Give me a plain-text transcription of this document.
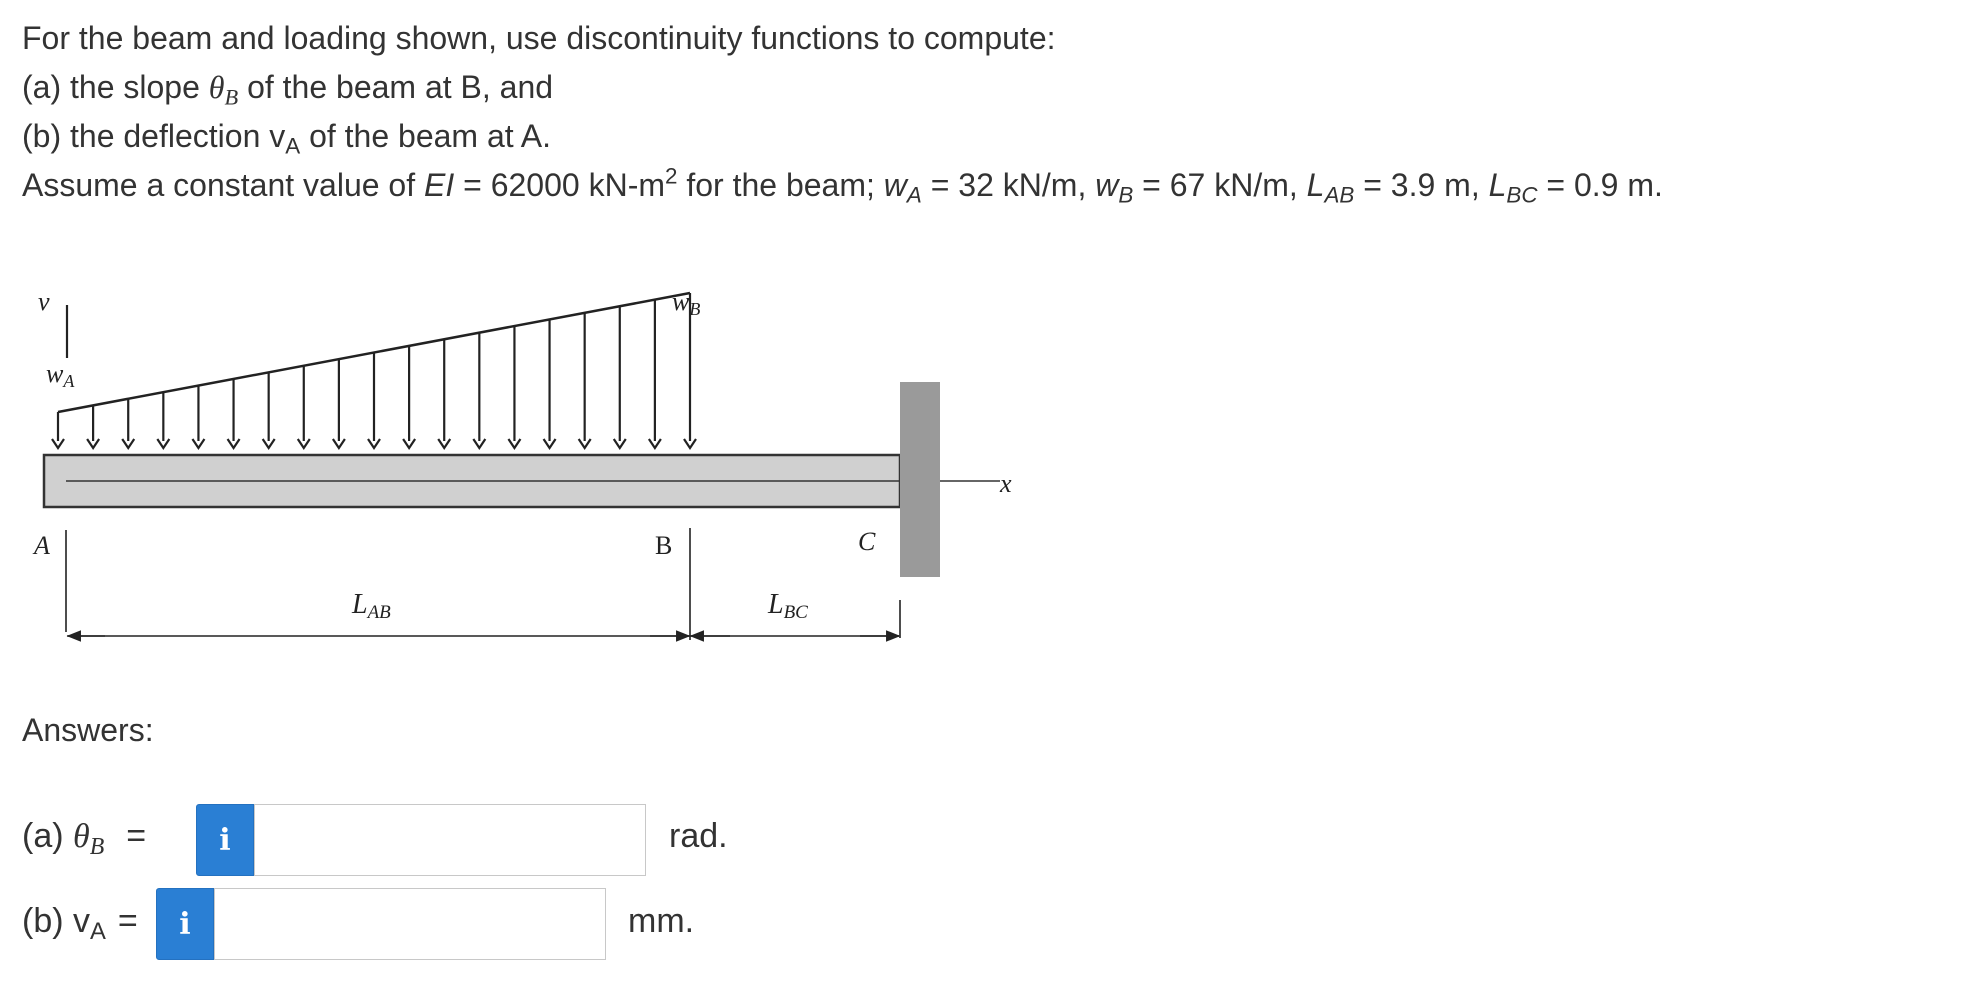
For the beam and loading shown, use discontinuity functions to compute:
(a) the slope $\theta_B$ of the beam at B, and
(b) the deflection $v_A$ of the beam at A.
Assume a constant value of EI = 62000 $kN-m^2$ for the beam; $w_A = 32$ kN/m, $w_B = 67$ kN/m, $L_{AB} = 3.9$ m, $L_{BC} = 0.9$ m.
v
wA
wB
x
A	B	C
LAB	LBC
Answers:
(a) $\theta_B = i$	rad.
(b) $v_A = i$	mm.
